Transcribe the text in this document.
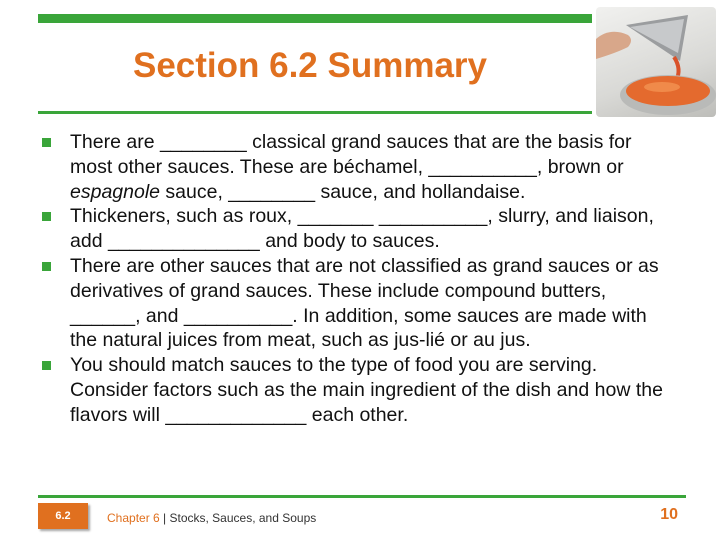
Section 6.2 Summary
There are ________ classical grand sauces that are the basis for most other sauces. These are béchamel, __________, brown or espagnole sauce, ________ sauce, and hollandaise.
Thickeners, such as roux, _______ __________, slurry, and liaison, add ______________ and body to sauces.
There are other sauces that are not classified as grand sauces or as derivatives of grand sauces. These include compound butters, ______, and __________. In addition, some sauces are made with the natural juices from meat, such as jus-lié or au jus.
You should match sauces to the type of food you are serving. Consider factors such as the main ingredient of the dish and how the flavors will _____________ each other.
6.2	Chapter 6 | Stocks, Sauces, and Soups	10
